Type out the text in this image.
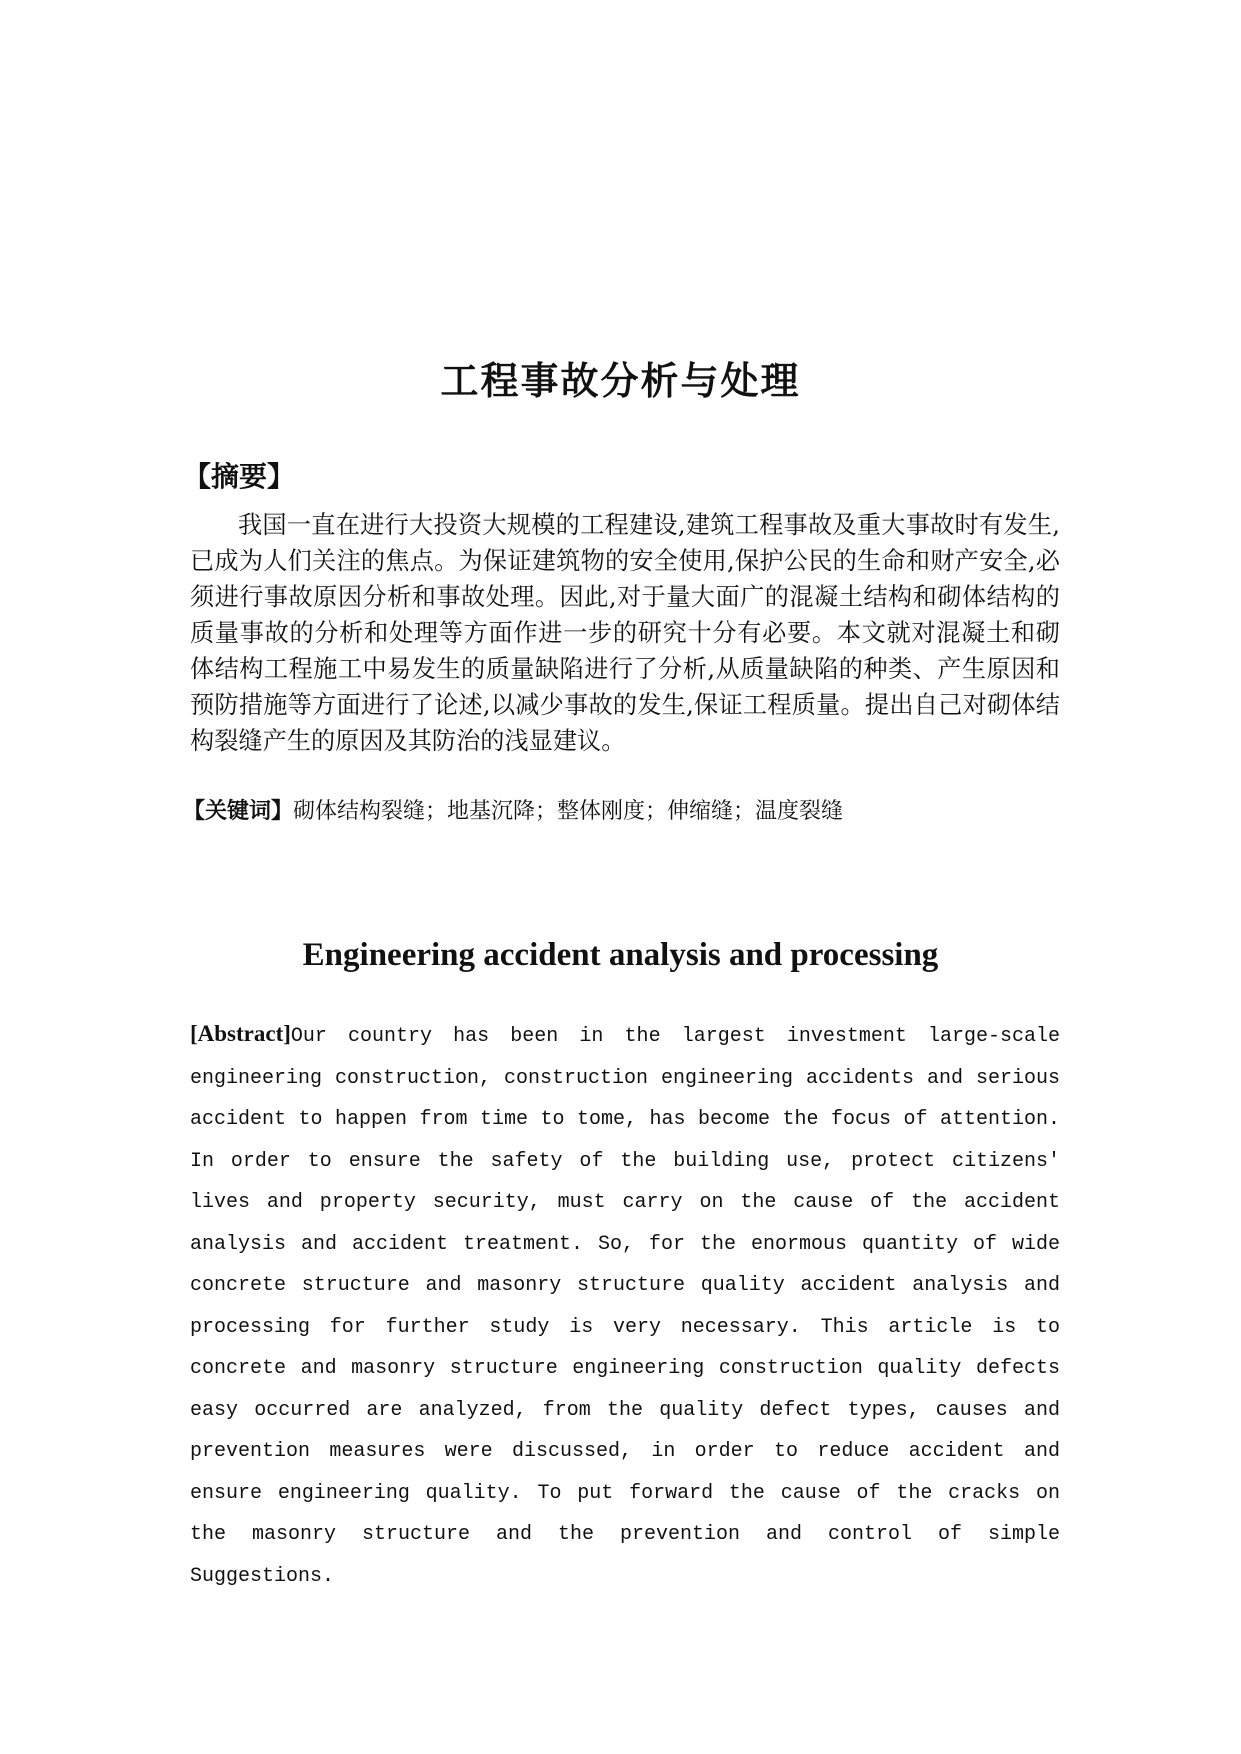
工程事故分析与处理
【摘要】

我国一直在进行大投资大规模的工程建设,建筑工程事故及重大事故时有发生,已成为人们关注的焦点。为保证建筑物的安全使用,保护公民的生命和财产安全,必须进行事故原因分析和事故处理。因此,对于量大面广的混凝土结构和砌体结构的质量事故的分析和处理等方面作进一步的研究十分有必要。本文就对混凝土和砌体结构工程施工中易发生的质量缺陷进行了分析,从质量缺陷的种类、产生原因和预防措施等方面进行了论述,以减少事故的发生,保证工程质量。提出自己对砌体结构裂缝产生的原因及其防治的浅显建议。

【关键词】砌体结构裂缝；地基沉降；整体刚度；伸缩缝；温度裂缝

Engineering accident analysis and processing

[Abstract]Our country has been in the largest investment large-scale engineering construction, construction engineering accidents and serious accident to happen from time to tome, has become the focus of attention. In order to ensure the safety of the building use, protect citizens' lives and property security, must carry on the cause of the accident analysis and accident treatment. So, for the enormous quantity of wide concrete structure and masonry structure quality accident analysis and processing for further study is very necessary. This article is to concrete and masonry structure engineering construction quality defects easy occurred are analyzed, from the quality defect types, causes and prevention measures were discussed, in order to reduce accident and ensure engineering quality. To put forward the cause of the cracks on the masonry structure and the prevention and control of simple Suggestions.
